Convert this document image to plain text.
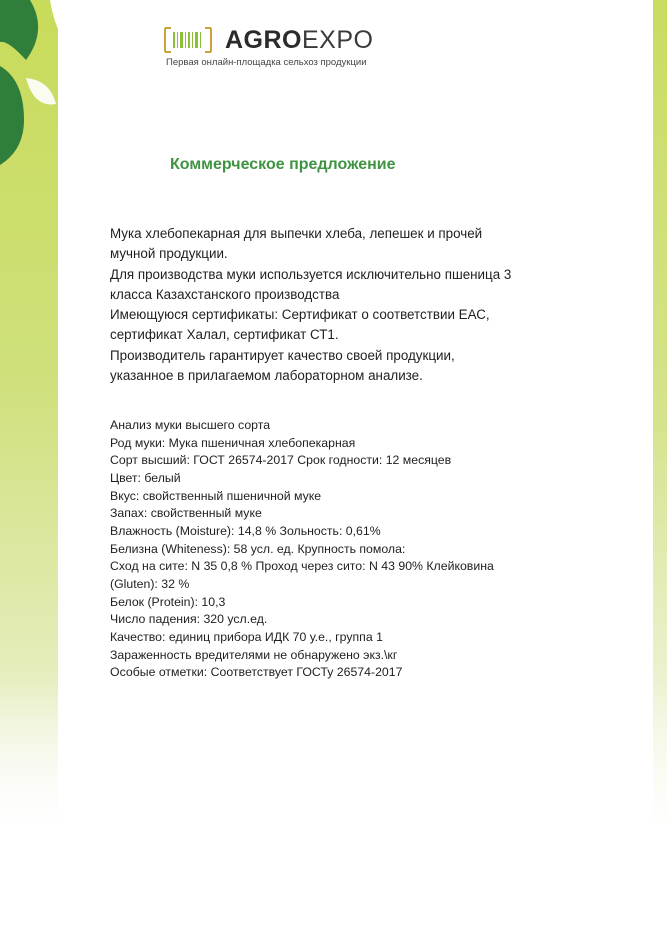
AGROEXPO
Первая онлайн-площадка сельхоз продукции
Коммерческое предложение
Мука хлебопекарная для выпечки хлеба, лепешек и прочей
мучной продукции.
Для производства муки используется исключительно пшеница 3
класса Казахстанского производства
Имеющуюся сертификаты: Сертификат о соответствии ЕАС,
сертификат Халал, сертификат СТ1.
Производитель гарантирует качество своей продукции,
указанное в прилагаемом лабораторном анализе.
Анализ муки высшего сорта
Род муки: Мука пшеничная хлебопекарная
Сорт высший: ГОСТ 26574-2017 Срок годности: 12 месяцев
Цвет: белый
Вкус: свойственный пшеничной муке
Запах: свойственный муке
Влажность (Moisture): 14,8 % Зольность: 0,61%
Белизна (Whiteness): 58 усл. ед. Крупность помола:
Сход на сите: N 35 0,8 % Проход через сито: N 43 90% Клейковина
(Gluten): 32 %
Белок (Protein): 10,3
Число падения: 320 усл.ед.
Качество: единиц прибора ИДК 70 у.е., группа 1
Зараженность вредителями не обнаружено экз.\кг
Особые отметки: Соответствует ГОСТу 26574-2017
